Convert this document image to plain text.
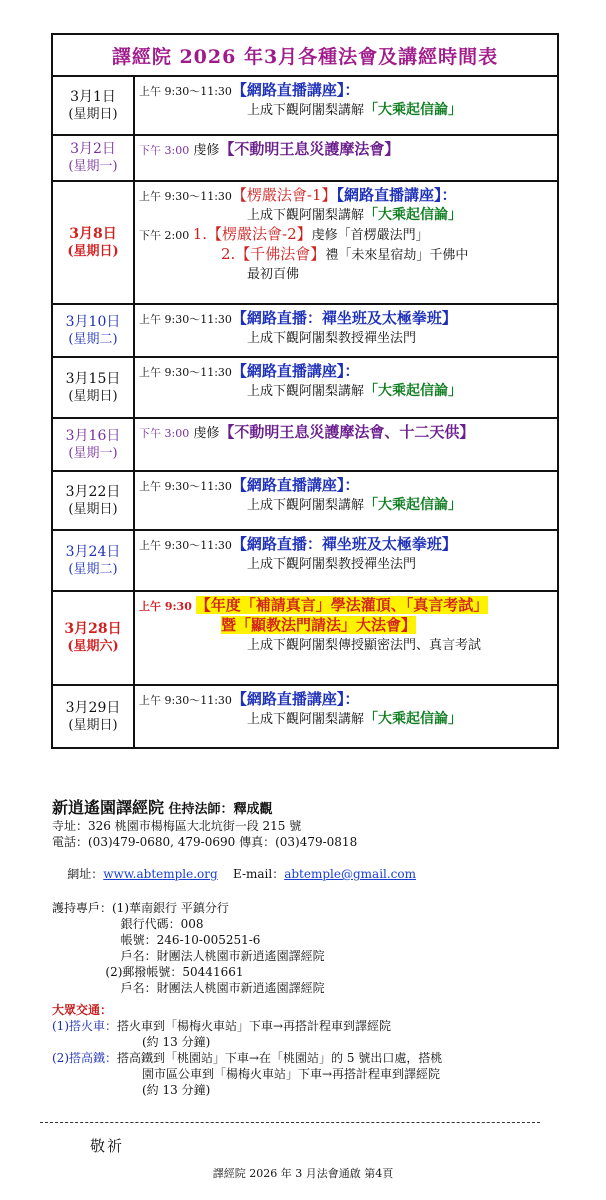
譯經院 2026 年3月各種法會及講經時間表
3月1日
(星期日)
上午 9:30～11:30【網路直播講座】：
上成下觀阿闍梨講解「大乘起信論」
3月2日
(星期一)
下午 3:00 虔修【不動明王息災護摩法會】
3月8日
(星期日)
上午 9:30～11:30【楞嚴法會-1】【網路直播講座】：
上成下觀阿闍梨講解「大乘起信論」
下午 2:00 1.【楞嚴法會-2】虔修「首楞嚴法門」
2.【千佛法會】禮「未來星宿劫」千佛中
最初百佛
3月10日
(星期二)
上午 9:30～11:30【網路直播：禪坐班及太極拳班】
上成下觀阿闍梨教授禪坐法門
3月15日
(星期日)
上午 9:30～11:30【網路直播講座】：
上成下觀阿闍梨講解「大乘起信論」
3月16日
(星期一)
下午 3:00 虔修【不動明王息災護摩法會、十二天供】
3月22日
(星期日)
上午 9:30～11:30【網路直播講座】：
上成下觀阿闍梨講解「大乘起信論」
3月24日
(星期二)
上午 9:30～11:30【網路直播：禪坐班及太極拳班】
上成下觀阿闍梨教授禪坐法門
3月28日
(星期六)
上午 9:30 【年度「補請真言」學法灌頂、「真言考試」
暨「顯教法門請法」大法會】
上成下觀阿闍梨傳授顯密法門、真言考試
3月29日
(星期日)
上午 9:30～11:30【網路直播講座】：
上成下觀阿闍梨講解「大乘起信論」
新逍遙園譯經院 住持法師：釋成觀
寺址：326 桃園市楊梅區大北坑街一段 215 號
電話：(03)479-0680, 479-0690 傳真：(03)479-0818

網址：www.abtemple.org    E-mail：abtemple@gmail.com

護持專戶：(1)華南銀行 平鎮分行
銀行代碼：008
帳號：246-10-005251-6
戶名：財團法人桃園市新逍遙園譯經院
(2)郵撥帳號：50441661
戶名：財團法人桃園市新逍遙園譯經院
大眾交通：
(1)搭火車：搭火車到「楊梅火車站」下車→再搭計程車到譯經院
(約 13 分鐘)
(2)搭高鐵：搭高鐵到「桃園站」下車→在「桃園站」的 5 號出口處，搭桃
園市區公車到「楊梅火車站」下車→再搭計程車到譯經院
(約 13 分鐘)
敬祈
譯經院 2026 年 3 月法會通啟 第4頁
